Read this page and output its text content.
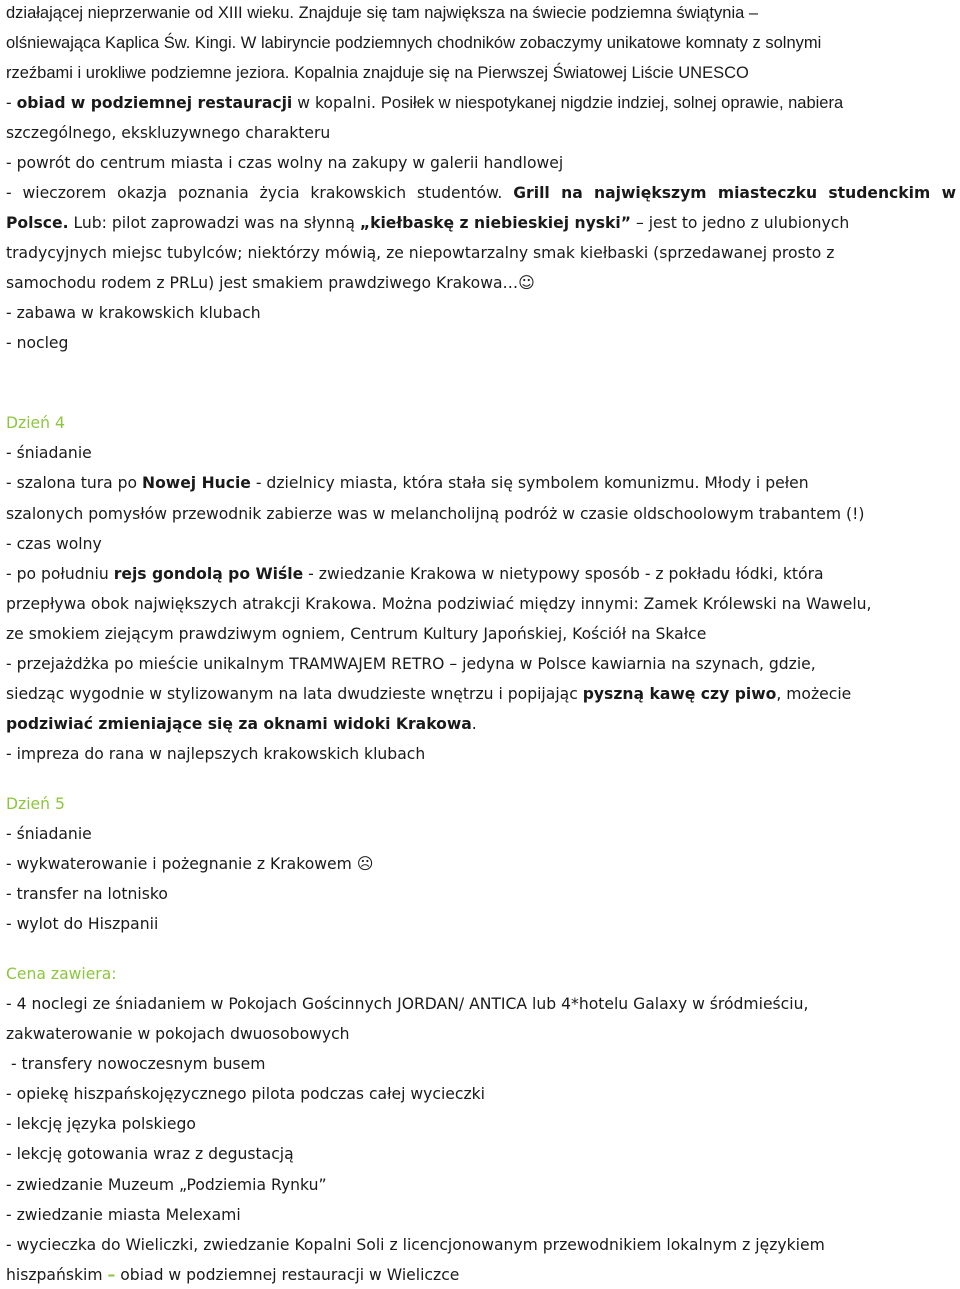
działającej nieprzerwanie od XIII wieku. Znajduje się tam największa na świecie podziemna świątynia –
olśniewająca Kaplica Św. Kingi. W labiryncie podziemnych chodników zobaczymy unikatowe komnaty z solnymi
rzeźbami i urokliwe podziemne jeziora. Kopalnia znajduje się na Pierwszej Światowej Liście UNESCO
- obiad w podziemnej restauracji w kopalni. Posiłek w niespotykanej nigdzie indziej, solnej oprawie, nabiera
szczególnego, ekskluzywnego charakteru
- powrót do centrum miasta i czas wolny na zakupy w galerii handlowej
- wieczorem okazja poznania życia krakowskich studentów. Grill na największym miasteczku studenckim w
Polsce. Lub: pilot zaprowadzi was na słynną „kiełbaskę z niebieskiej nyski” – jest to jedno z ulubionych
tradycyjnych miejsc tubylców; niektórzy mówią, ze niepowtarzalny smak kiełbaski (sprzedawanej prosto z
samochodu rodem z PRLu) jest smakiem prawdziwego Krakowa…☺
- zabawa w krakowskich klubach
- nocleg
Dzień 4
- śniadanie
- szalona tura po Nowej Hucie - dzielnicy miasta, która stała się symbolem komunizmu. Młody i pełen
szalonych pomysłów przewodnik zabierze was w melancholijną podróż w czasie oldschoolowym trabantem (!)
- czas wolny
- po południu rejs gondolą po Wiśle - zwiedzanie Krakowa w nietypowy sposób - z pokładu łódki, która
przepływa obok największych atrakcji Krakowa. Można podziwiać między innymi: Zamek Królewski na Wawelu,
ze smokiem ziejącym prawdziwym ogniem, Centrum Kultury Japońskiej, Kościół na Skałce
- przejażdżka po mieście unikalnym TRAMWAJEM RETRO – jedyna w Polsce kawiarnia na szynach, gdzie,
siedząc wygodnie w stylizowanym na lata dwudzieste wnętrzu i popijając pyszną kawę czy piwo, możecie
podziwiać zmieniające się za oknami widoki Krakowa.
- impreza do rana w najlepszych krakowskich klubach
Dzień 5
- śniadanie
- wykwaterowanie i pożegnanie z Krakowem ☹
- transfer na lotnisko
- wylot do Hiszpanii
Cena zawiera:
- 4 noclegi ze śniadaniem w Pokojach Gościnnych JORDAN/ ANTICA lub 4*hotelu Galaxy w śródmieściu,
zakwaterowanie w pokojach dwuosobowych
- transfery nowoczesnym busem
- opiekę hiszpańskojęzycznego pilota podczas całej wycieczki
- lekcję języka polskiego
- lekcję gotowania wraz z degustacją
- zwiedzanie Muzeum „Podziemia Rynku”
- zwiedzanie miasta Melexami
- wycieczka do Wieliczki, zwiedzanie Kopalni Soli z licencjonowanym przewodnikiem lokalnym z językiem
hiszpańskim – obiad w podziemnej restauracji w Wieliczce
